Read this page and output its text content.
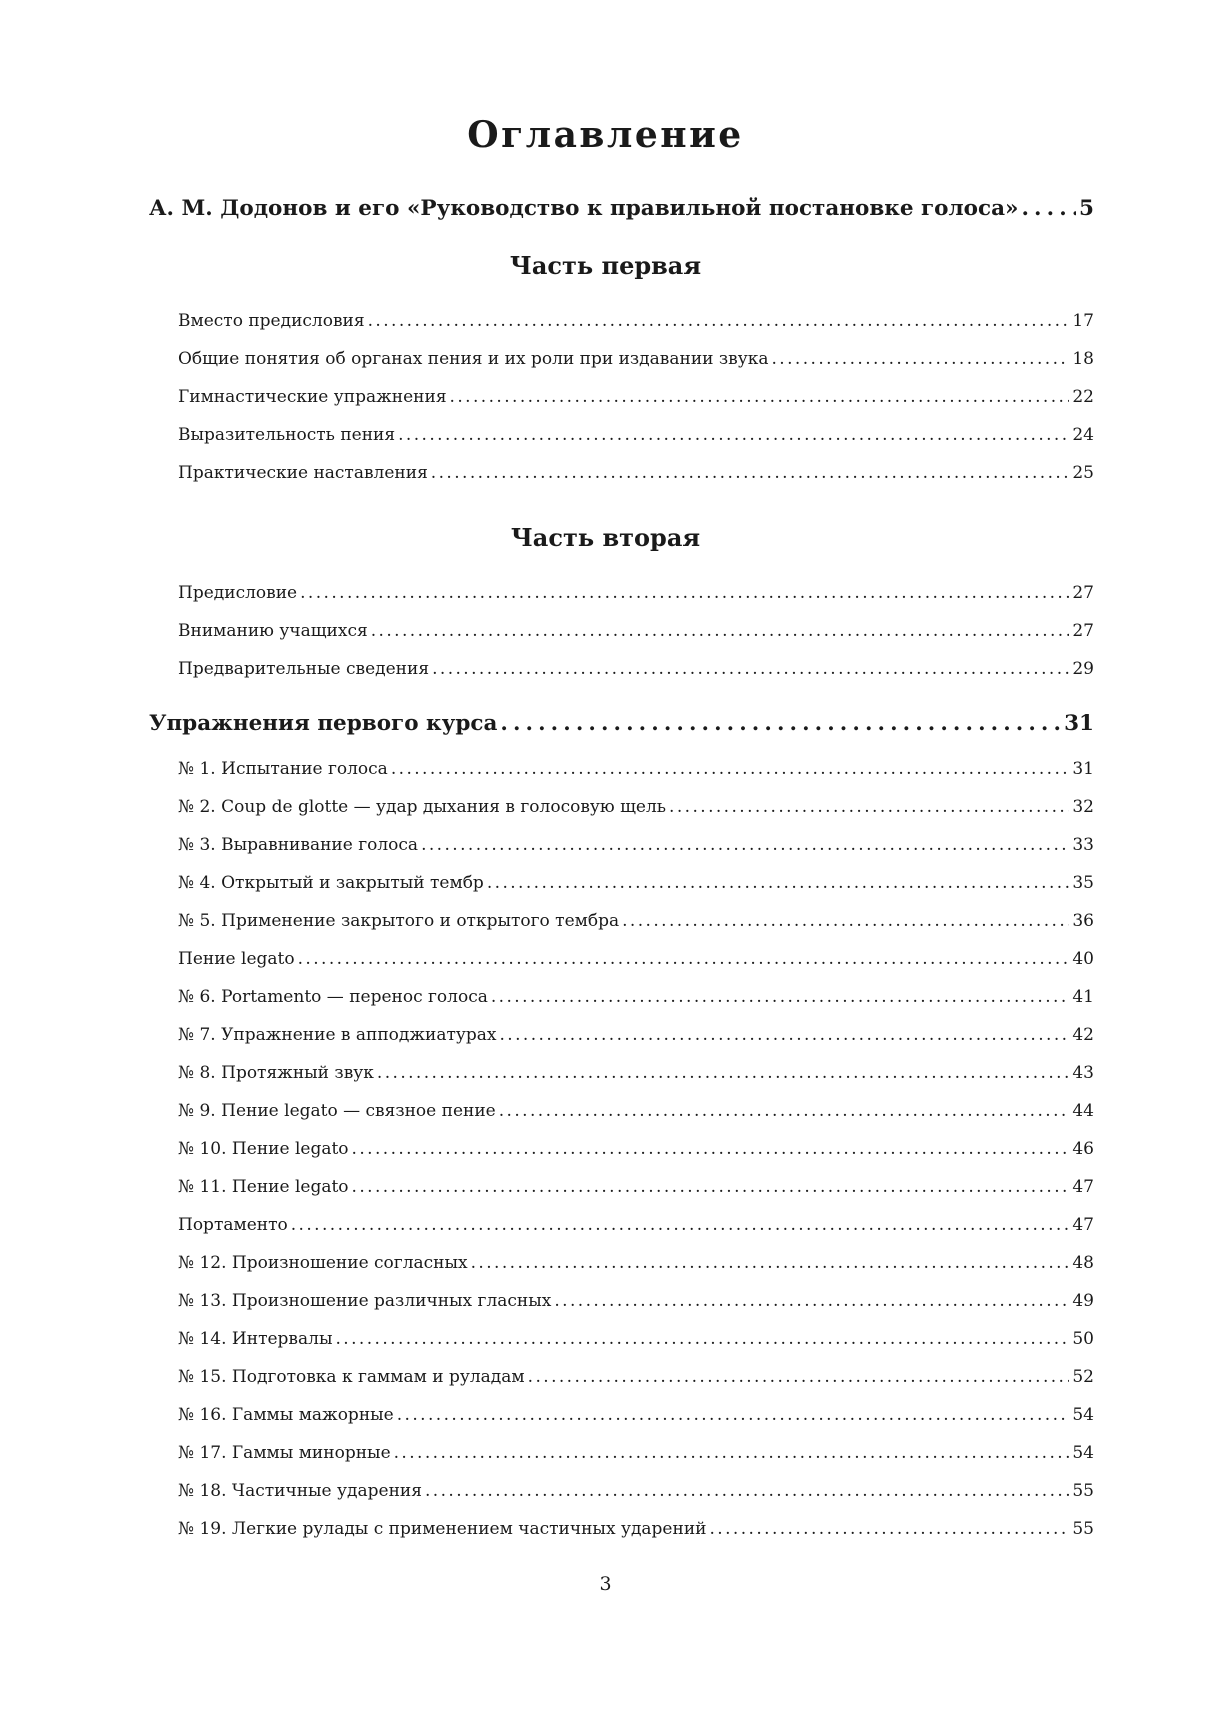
Оглавление
А. М. Додонов и его «Руководство к правильной постановке голоса» . . .	5
Часть первая
Вместо предисловия . . .	17
Общие понятия об органах пения и их роли при издавании звука . . .	18
Гимнастические упражнения . . .	22
Выразительность пения . . .	24
Практические наставления . . .	25
Часть вторая
Предисловие . . .	27
Вниманию учащихся . . .	27
Предварительные сведения . . .	29
Упражнения первого курса . . .	31
№ 1. Испытание голоса . . .	31
№ 2. Coup de glotte — удар дыхания в голосовую щель . . .	32
№ 3. Выравнивание голоса . . .	33
№ 4. Открытый и закрытый тембр . . .	35
№ 5. Применение закрытого и открытого тембра . . .	36
Пение legato . . .	40
№ 6. Portamento — перенос голоса . . .	41
№ 7. Упражнение в апподжиатурах . . .	42
№ 8. Протяжный звук . . .	43
№ 9. Пение legato — связное пение . . .	44
№ 10. Пение legato . . .	46
№ 11. Пение legato . . .	47
Портаменто . . .	47
№ 12. Произношение согласных . . .	48
№ 13. Произношение различных гласных . . .	49
№ 14. Интервалы . . .	50
№ 15. Подготовка к гаммам и руладам . . .	52
№ 16. Гаммы мажорные . . .	54
№ 17. Гаммы минорные . . .	54
№ 18. Частичные ударения . . .	55
№ 19. Легкие рулады с применением частичных ударений . . .	55
3
